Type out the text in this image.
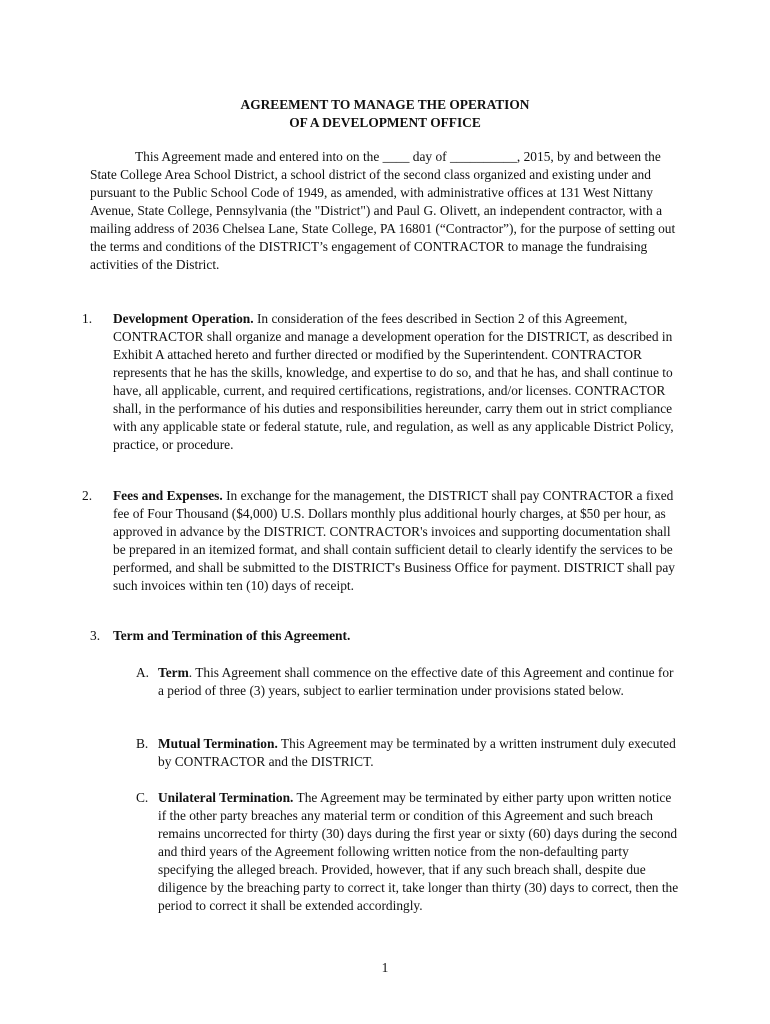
AGREEMENT TO MANAGE THE OPERATION
OF A DEVELOPMENT OFFICE

This Agreement made and entered into on the ____ day of __________, 2015, by and between the State College Area School District, a school district of the second class organized and existing under and pursuant to the Public School Code of 1949, as amended, with administrative offices at 131 West Nittany Avenue, State College, Pennsylvania (the "District") and Paul G. Olivett, an independent contractor, with a mailing address of 2036 Chelsea Lane, State College, PA 16801 (“Contractor”), for the purpose of setting out the terms and conditions of the DISTRICT’s engagement of CONTRACTOR to manage the fundraising activities of the District.

1. Development Operation. In consideration of the fees described in Section 2 of this Agreement, CONTRACTOR shall organize and manage a development operation for the DISTRICT, as described in Exhibit A attached hereto and further directed or modified by the Superintendent. CONTRACTOR represents that he has the skills, knowledge, and expertise to do so, and that he has, and shall continue to have, all applicable, current, and required certifications, registrations, and/or licenses. CONTRACTOR shall, in the performance of his duties and responsibilities hereunder, carry them out in strict compliance with any applicable state or federal statute, rule, and regulation, as well as any applicable District Policy, practice, or procedure.

2. Fees and Expenses. In exchange for the management, the DISTRICT shall pay CONTRACTOR a fixed fee of Four Thousand ($4,000) U.S. Dollars monthly plus additional hourly charges, at $50 per hour, as approved in advance by the DISTRICT. CONTRACTOR's invoices and supporting documentation shall be prepared in an itemized format, and shall contain sufficient detail to clearly identify the services to be performed, and shall be submitted to the DISTRICT's Business Office for payment. DISTRICT shall pay such invoices within ten (10) days of receipt.

3. Term and Termination of this Agreement.

A. Term. This Agreement shall commence on the effective date of this Agreement and continue for a period of three (3) years, subject to earlier termination under provisions stated below.

B. Mutual Termination. This Agreement may be terminated by a written instrument duly executed by CONTRACTOR and the DISTRICT.

C. Unilateral Termination. The Agreement may be terminated by either party upon written notice if the other party breaches any material term or condition of this Agreement and such breach remains uncorrected for thirty (30) days during the first year or sixty (60) days during the second and third years of the Agreement following written notice from the non-defaulting party specifying the alleged breach. Provided, however, that if any such breach shall, despite due diligence by the breaching party to correct it, take longer than thirty (30) days to correct, then the period to correct it shall be extended accordingly.

1
